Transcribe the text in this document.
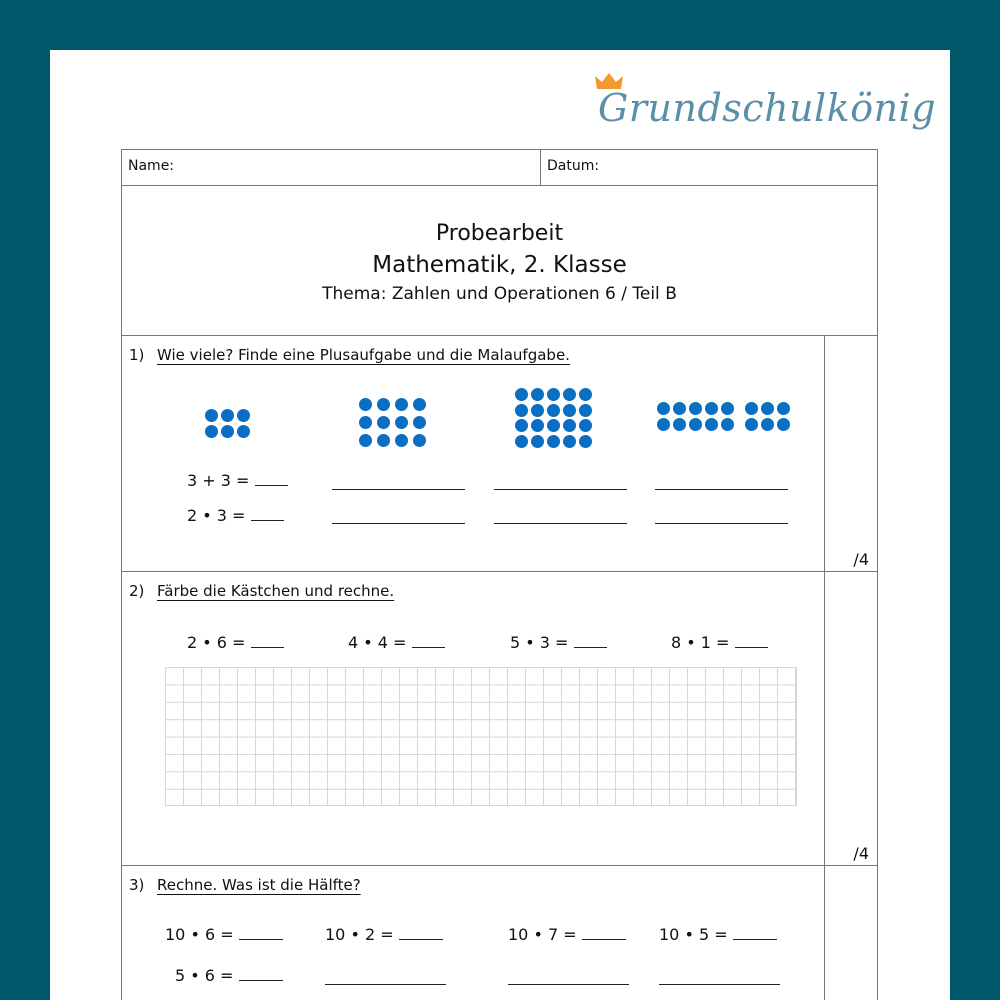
Grundschulkönig
Name:	Datum:
Probearbeit
Mathematik, 2. Klasse
Thema: Zahlen und Operationen 6 / Teil B
1) Wie viele? Finde eine Plusaufgabe und die Malaufgabe.
3 + 3 =
2 • 3 =
/4
2) Färbe die Kästchen und rechne.
2 • 6 =	4 • 4 =	5 • 3 =	8 • 1 =
/4
3) Rechne. Was ist die Hälfte?
10 • 6 =	10 • 2 =	10 • 7 =	10 • 5 =
5 • 6 =
